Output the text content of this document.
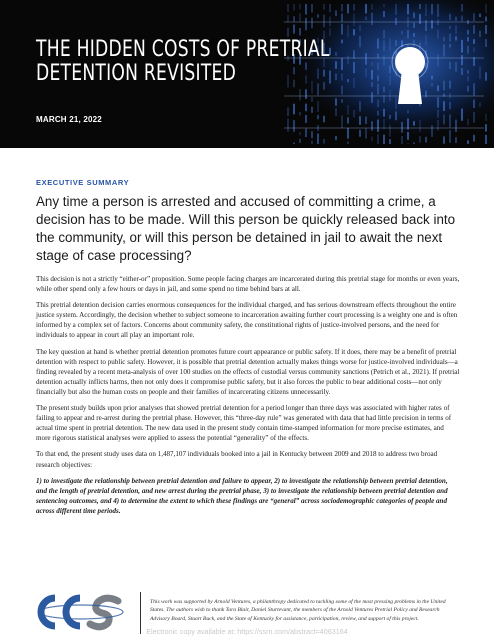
THE HIDDEN COSTS OF PRETRIAL
DETENTION REVISITED
MARCH 21, 2022
EXECUTIVE SUMMARY

Any time a person is arrested and accused of committing a crime, a decision has to be made. Will this person be quickly released back into the community, or will this person be detained in jail to await the next stage of case processing?

This decision is not a strictly “either-or” proposition. Some people facing charges are incarcerated during this pretrial stage for months or even years, while other spend only a few hours or days in jail, and some spend no time behind bars at all.

This pretrial detention decision carries enormous consequences for the individual charged, and has serious downstream effects throughout the entire justice system. Accordingly, the decision whether to subject someone to incarceration awaiting further court processing is a weighty one and is often informed by a complex set of factors. Concerns about community safety, the constitutional rights of justice-involved persons, and the need for individuals to appear in court all play an important role.

The key question at hand is whether pretrial detention promotes future court appearance or public safety. If it does, there may be a benefit of pretrial detention with respect to public safety. However, it is possible that pretrial detention actually makes things worse for justice-involved individuals—a finding revealed by a recent meta-analysis of over 100 studies on the effects of custodial versus community sanctions (Petrich et al., 2021). If pretrial detention actually inflicts harms, then not only does it compromise public safety, but it also forces the public to bear additional costs—not only financially but also the human costs on people and their families of incarcerating citizens unnecessarily.

The present study builds upon prior analyses that showed pretrial detention for a period longer than three days was associated with higher rates of failing to appear and re-arrest during the pretrial phase. However, this “three-day rule” was generated with data that had little precision in terms of actual time spent in pretrial detention. The new data used in the present study contain time-stamped information for more precise estimates, and more rigorous statistical analyses were applied to assess the potential “generality” of the effects.

To that end, the present study uses data on 1,487,107 individuals booked into a jail in Kentucky between 2009 and 2018 to address two broad research objectives:

1) to investigate the relationship between pretrial detention and failure to appear, 2) to investigate the relationship between pretrial detention, and the length of pretrial detention, and new arrest during the pretrial phase, 3) to investigate the relationship between pretrial detention and sentencing outcomes, and 4) to determine the extent to which these findings are “general” across sociodemographic categories of people and across different time periods.

This work was supported by Arnold Ventures, a philanthropy dedicated to tackling some of the most pressing problems in the United States. The authors wish to thank Tara Blair, Daniel Sturtevant, the members of the Arnold Ventures Pretrial Policy and Research Advisory Board, Stuart Buck, and the State of Kentucky for assistance, participation, review, and support of this project.

Electronic copy available at: https://ssrn.com/abstract=4063164
